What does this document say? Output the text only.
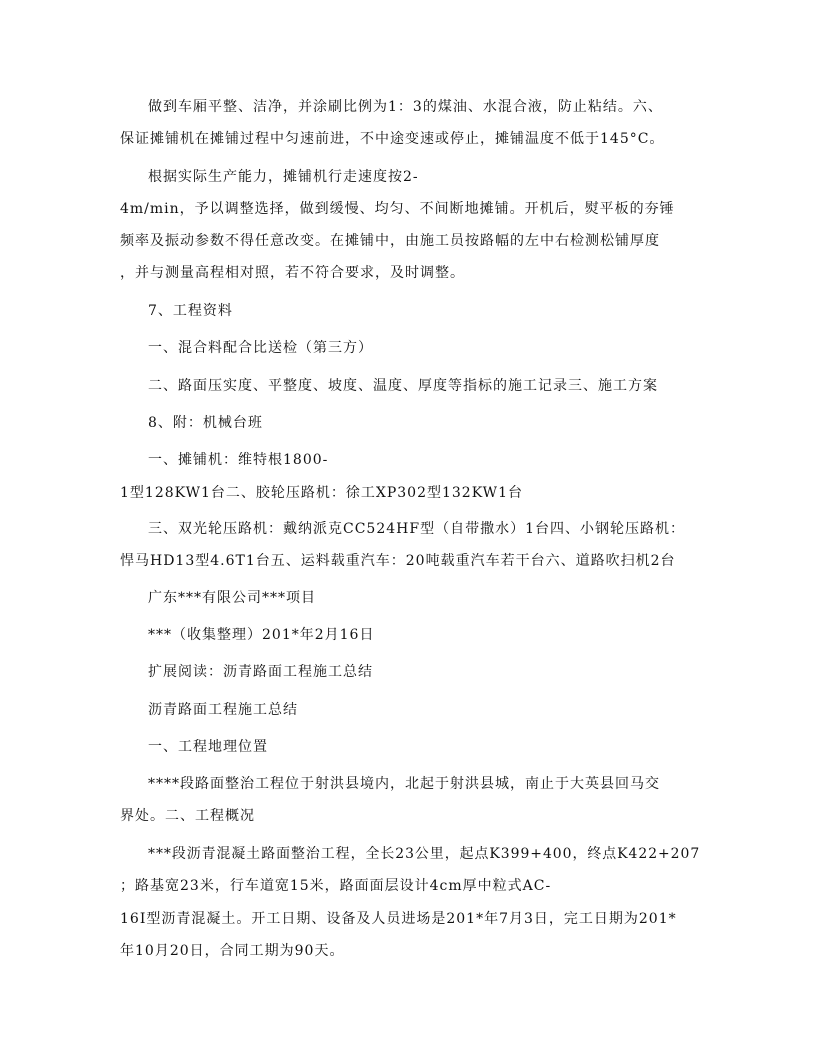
做到车厢平整、洁净，并涂刷比例为1：3的煤油、水混合液，防止粘结。六、
保证摊铺机在摊铺过程中匀速前进，不中途变速或停止，摊铺温度不低于145°C。
根据实际生产能力，摊铺机行走速度按2-
4m/min，予以调整选择，做到缓慢、均匀、不间断地摊铺。开机后，熨平板的夯锤
频率及振动参数不得任意改变。在摊铺中，由施工员按路幅的左中右检测松铺厚度
，并与测量高程相对照，若不符合要求，及时调整。
7、工程资料
一、混合料配合比送检（第三方）
二、路面压实度、平整度、坡度、温度、厚度等指标的施工记录三、施工方案
8、附：机械台班
一、摊铺机：维特根1800-
1型128KW1台二、胶轮压路机：徐工XP302型132KW1台
三、双光轮压路机：戴纳派克CC524HF型（自带撒水）1台四、小钢轮压路机：
悍马HD13型4.6T1台五、运料载重汽车：20吨载重汽车若干台六、道路吹扫机2台
广东***有限公司***项目
***（收集整理）201*年2月16日
扩展阅读：沥青路面工程施工总结
沥青路面工程施工总结
一、工程地理位置
****段路面整治工程位于射洪县境内，北起于射洪县城，南止于大英县回马交
界处。二、工程概况
***段沥青混凝土路面整治工程，全长23公里，起点K399+400，终点K422+207
；路基宽23米，行车道宽15米，路面面层设计4cm厚中粒式AC-
16Ⅰ型沥青混凝土。开工日期、设备及人员进场是201*年7月3日，完工日期为201*
年10月20日，合同工期为90天。
